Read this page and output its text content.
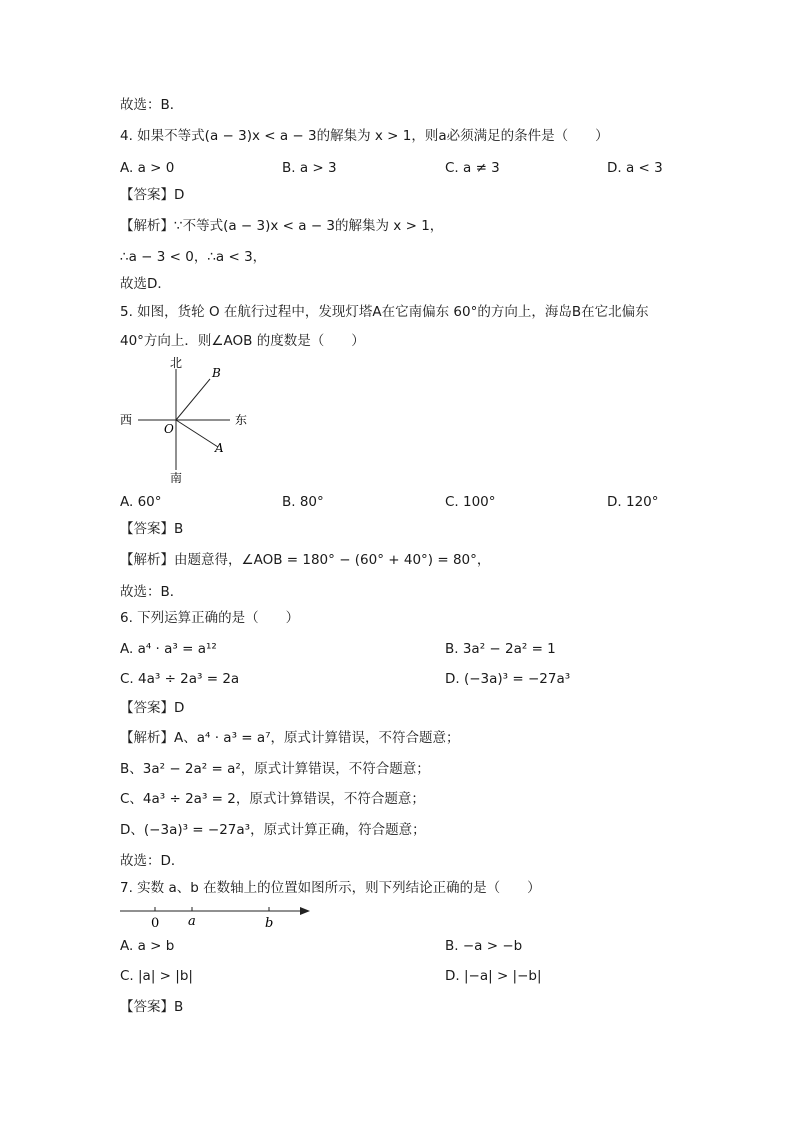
故选：B．
4. 如果不等式(a − 3)x < a − 3的解集为 x > 1，则a必须满足的条件是（　　）
A. a > 0	B. a > 3	C. a ≠ 3	D. a < 3
【答案】D
【解析】∵不等式(a − 3)x < a − 3的解集为 x > 1，
∴a − 3 < 0，∴a < 3，
故选D．
5. 如图，货轮 O 在航行过程中，发现灯塔A在它南偏东 60°的方向上，海岛B在它北偏东
40°方向上．则∠AOB 的度数是（　　）
北
南
西	东
O
B
A
A. 60°	B. 80°	C. 100°	D. 120°
【答案】B
【解析】由题意得，∠AOB = 180° − (60° + 40°) = 80°，
故选：B．
6. 下列运算正确的是（　　）
A. a⁴ · a³ = a¹²	B. 3a² − 2a² = 1
C. 4a³ ÷ 2a³ = 2a	D. (−3a)³ = −27a³
【答案】D
【解析】A、a⁴ · a³ = a⁷，原式计算错误，不符合题意；
B、3a² − 2a² = a²，原式计算错误，不符合题意；
C、4a³ ÷ 2a³ = 2，原式计算错误，不符合题意；
D、(−3a)³ = −27a³，原式计算正确，符合题意；
故选：D．
7. 实数 a、b 在数轴上的位置如图所示，则下列结论正确的是（　　）
0 a	b
A. a > b	B. −a > −b
C. |a| > |b|	D. |−a| > |−b|
【答案】B
